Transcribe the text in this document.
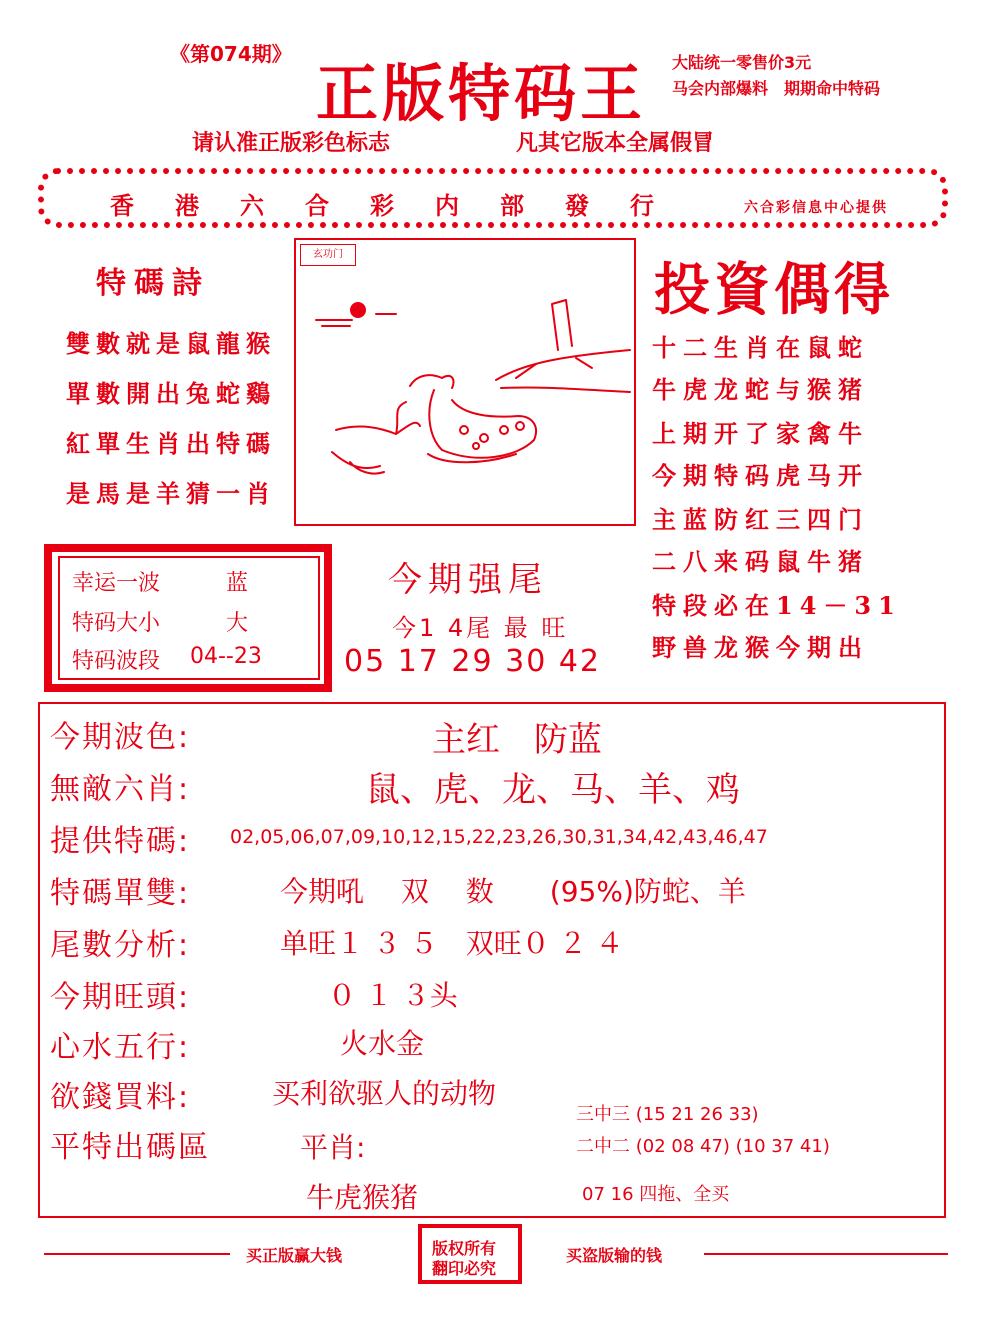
《第074期》
正版特码王 大陆统一零售价3元
马会内部爆料　期期命中特码
请认准正版彩色标志	凡其它版本全属假冒
香港六合彩内部發行	六合彩信息中心提供
特碼詩
雙數就是鼠龍猴
單數開出兔蛇鷄
紅單生肖出特碼
是馬是羊猜一肖
玄功门
投資偶得
十二生肖在鼠蛇
牛虎龙蛇与猴猪
上期开了家禽牛
今期特码虎马开
主蓝防红三四门
二八来码鼠牛猪
特段必在14－31
野兽龙猴今期出
幸运一波	蓝
特码大小	大
特码波段 04--23
今期强尾
今1 4尾 最 旺
05 17 29 30 42
今期波色:	主红　防蓝
無敵六肖:	鼠、虎、龙、马、羊、鸡
提供特碼: 02,05,06,07,09,10,12,15,22,23,26,30,31,34,42,43,46,47
特碼單雙:	今期吼　 双　 数　　(95%)防蛇、羊
尾數分析:	单旺１ ３ ５　双旺０ ２ ４
今期旺頭:	０ １ ３头
心水五行:	火水金
欲錢買料:	买利欲驱人的动物
平特出碼區	平肖:
牛虎猴猪
三中三 (15 21 26 33)
二中二 (02 08 47) (10 37 41)
07 16 四拖、全买
买正版赢大钱	版权所有
翻印必究
买盗版输的钱
